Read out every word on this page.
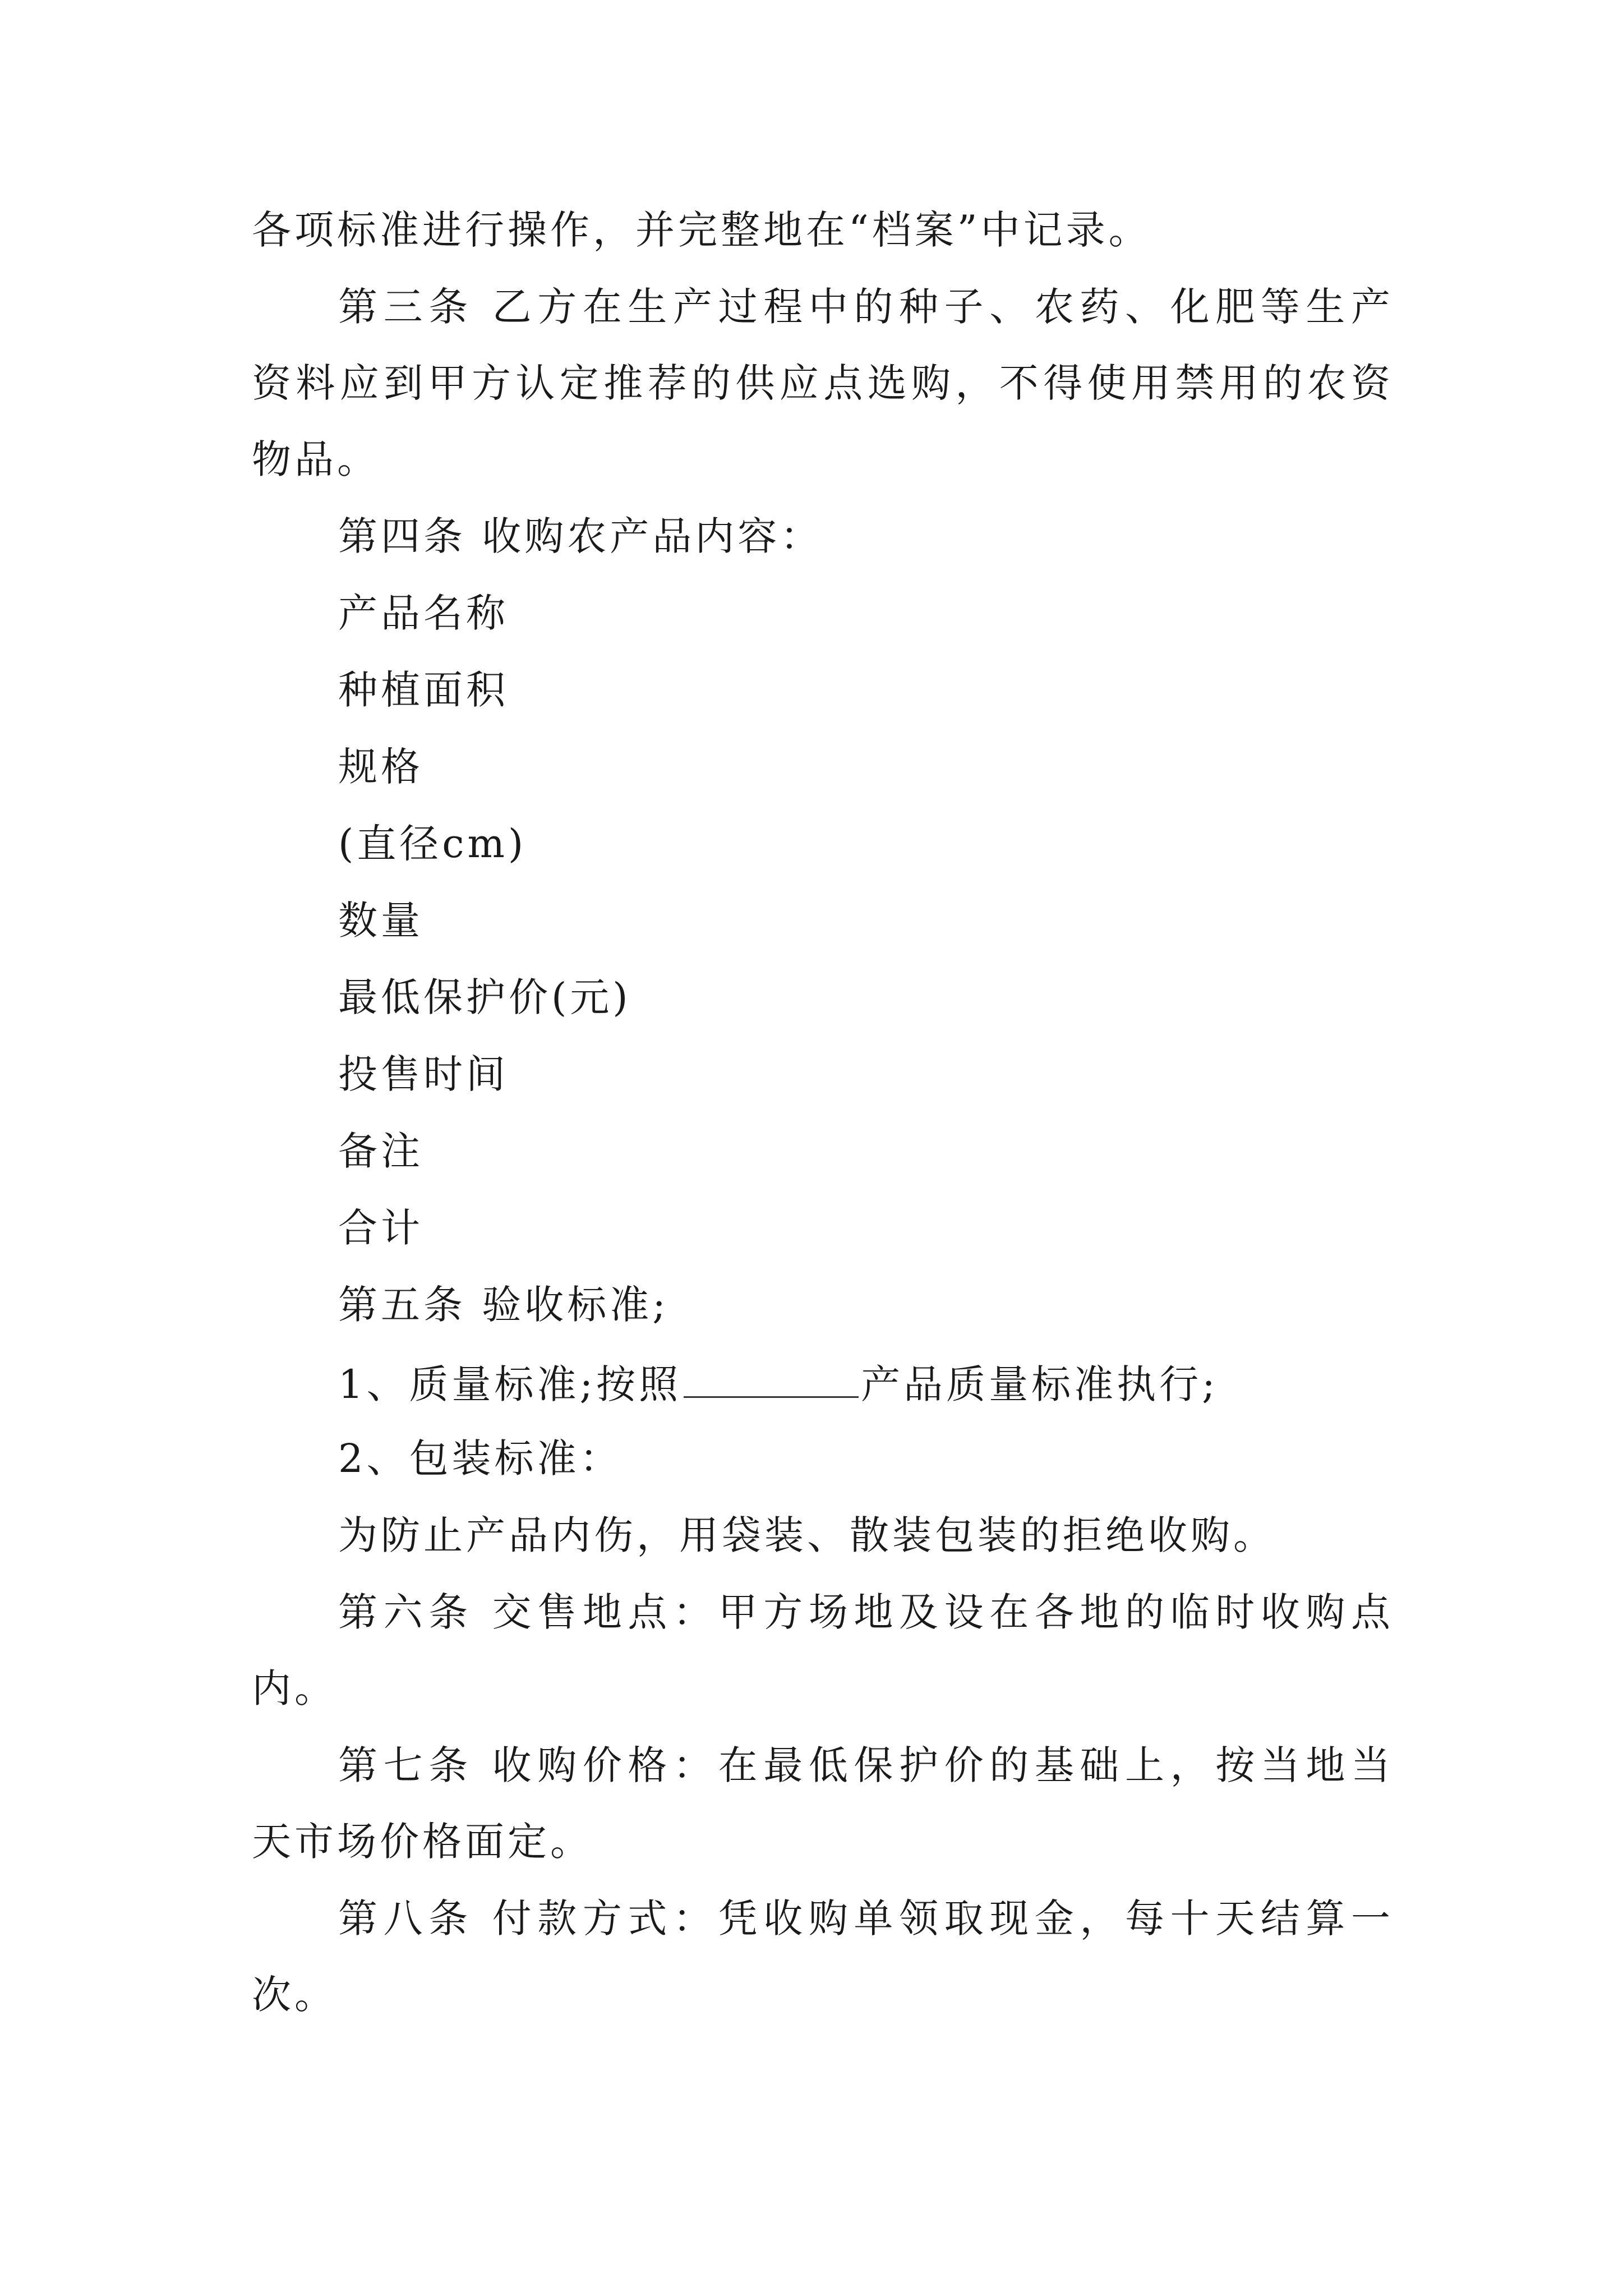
各项标准进行操作，并完整地在“档案”中记录。
第三条 乙方在生产过程中的种子、农药、化肥等生产
资料应到甲方认定推荐的供应点选购，不得使用禁用的农资
物品。
第四条 收购农产品内容：
产品名称
种植面积
规格
(直径cm)
数量
最低保护价(元)
投售时间
备注
合计
第五条 验收标准;
1、质量标准;按照	产品质量标准执行;
2、包装标准：
为防止产品内伤，用袋装、散装包装的拒绝收购。
第六条 交售地点：甲方场地及设在各地的临时收购点
内。
第七条 收购价格：在最低保护价的基础上，按当地当
天市场价格面定。
第八条 付款方式：凭收购单领取现金，每十天结算一
次。
